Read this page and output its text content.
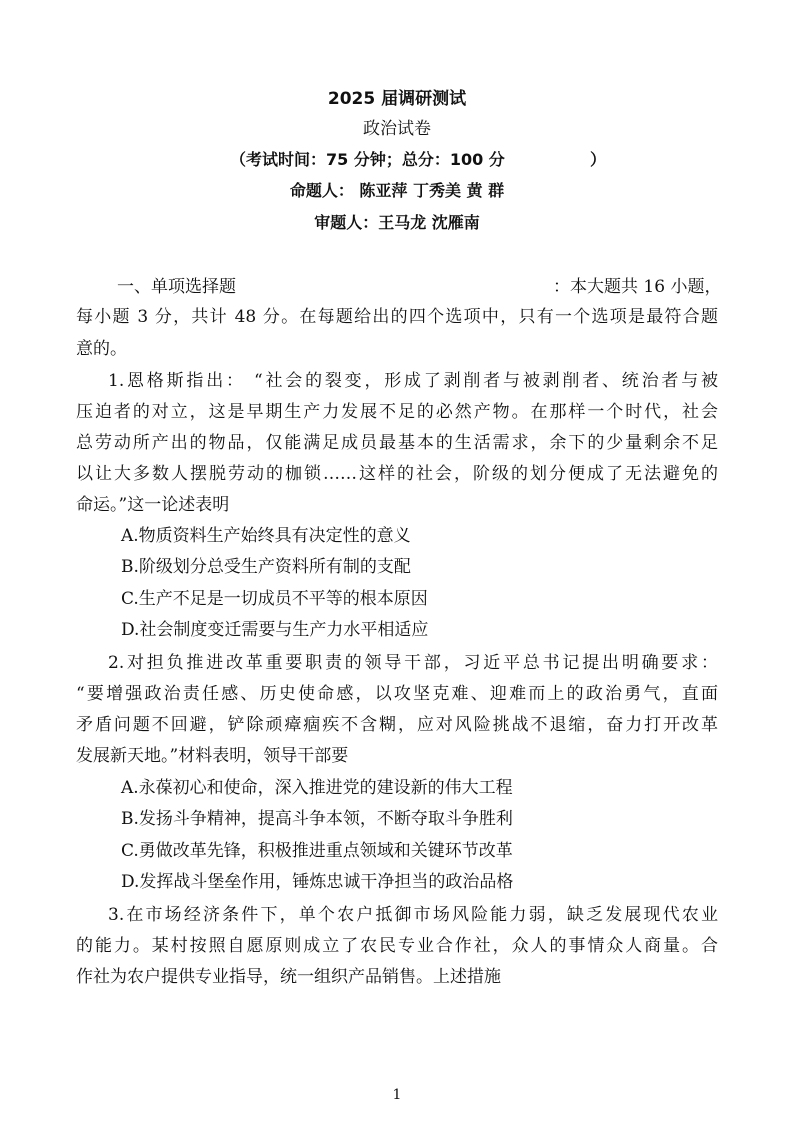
2025 届调研测试
政治试卷
（考试时间：75 分钟；总分：100 分	）
命题人： 陈亚萍 丁秀美 黄 群
审题人：王马龙 沈雁南
一、单项选择题	：本大题共 16 小题，
每小题 3 分，共计 48 分。在每题给出的四个选项中，只有一个选项是最符合题
意的。
1.恩格斯指出： “社会的裂变，形成了剥削者与被剥削者、统治者与被
压迫者的对立，这是早期生产力发展不足的必然产物。在那样一个时代，社会
总劳动所产出的物品，仅能满足成员最基本的生活需求，余下的少量剩余不足
以让大多数人摆脱劳动的枷锁……这样的社会，阶级的划分便成了无法避免的
命运。”这一论述表明
A.物质资料生产始终具有决定性的意义
B.阶级划分总受生产资料所有制的支配
C.生产不足是一切成员不平等的根本原因
D.社会制度变迁需要与生产力水平相适应
2.对担负推进改革重要职责的领导干部，习近平总书记提出明确要求：
“要增强政治责任感、历史使命感，以攻坚克难、迎难而上的政治勇气，直面
矛盾问题不回避，铲除顽瘴痼疾不含糊，应对风险挑战不退缩，奋力打开改革
发展新天地。”材料表明，领导干部要
A.永葆初心和使命，深入推进党的建设新的伟大工程
B.发扬斗争精神，提高斗争本领，不断夺取斗争胜利
C.勇做改革先锋，积极推进重点领域和关键环节改革
D.发挥战斗堡垒作用，锤炼忠诚干净担当的政治品格
3.在市场经济条件下，单个农户抵御市场风险能力弱，缺乏发展现代农业
的能力。某村按照自愿原则成立了农民专业合作社，众人的事情众人商量。合
作社为农户提供专业指导，统一组织产品销售。上述措施
1
